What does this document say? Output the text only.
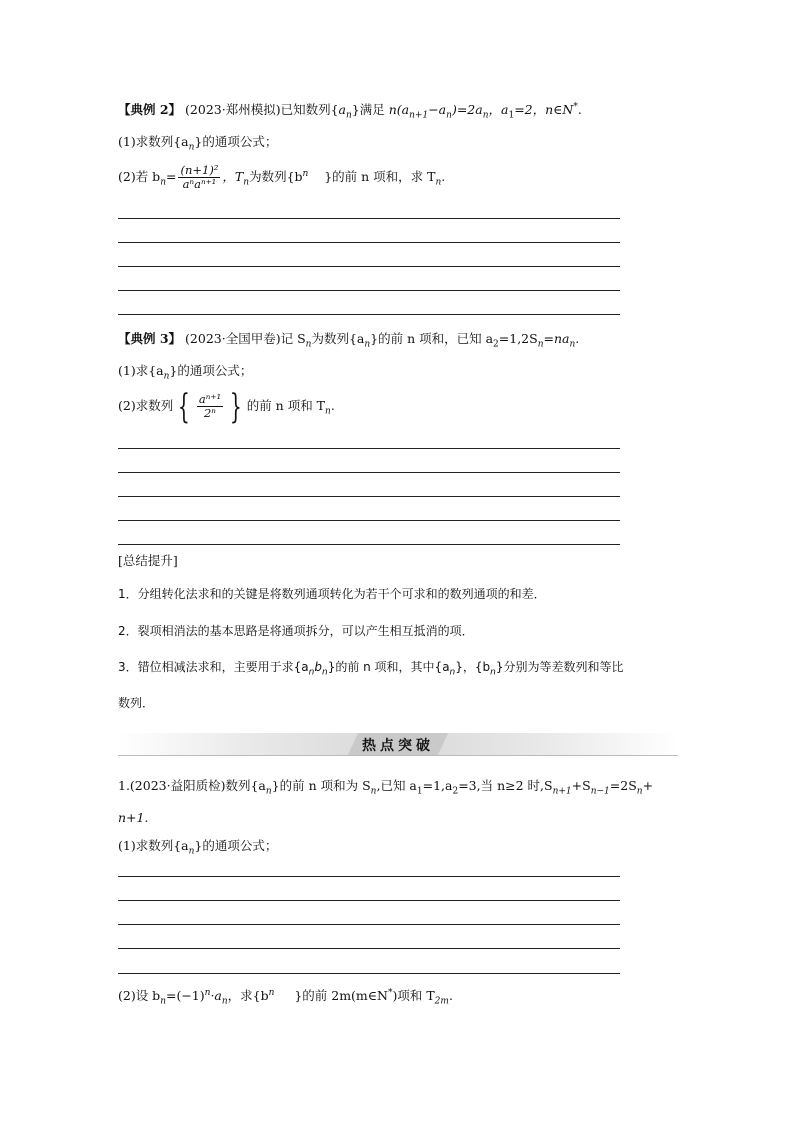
【典例 2】 (2023·郑州模拟)已知数列$\{a_n\}$满足 $n(a_{n+1}-a_n)=2a_n$，$a_1=2$，n∈N*.
(1)求数列$\{a_n\}$的通项公式；
(2)若 $b_n= \frac{\text{(n+1)²}}{\text{aⁿaⁿ⁺¹}}$ ，$T_n$为数列{$b^n$ }的前 n 项和，求 $T_n$.
【典例 3】 (2023·全国甲卷)记 $S_n$为数列$\{a_n\}$的前 n 项和，已知 $a_2=1,2S_n=na_n$.
(1)求$\{a_n\}$的通项公式；
(2)求数列 { $\frac{\text{aⁿ⁺¹}}{\text{2ⁿ}}$ } 的前 n 项和 $T_n$.
[总结提升]
1．分组转化法求和的关键是将数列通项转化为若干个可求和的数列通项的和差．
2．裂项相消法的基本思路是将通项拆分，可以产生相互抵消的项．
3．错位相减法求和，主要用于求$\{a_nb_n\}$的前 n 项和，其中$\{a_n\}$，$\{b_n\}$分别为等差数列和等比
数列．
热点突破
1.(2023·益阳质检)数列$\{a_n\}$的前 n 项和为 $S_n$,已知 $a_1=1,a_2=3$,当 n≥2 时$,S_{n+1}+S_{n-1}=2S_n+$
n+1.
(1)求数列$\{a_n\}$的通项公式；
(2)设 $b_n=(-1)^n\cdot a_n$，求{$b^n$ }的前 2m(m∈N*)项和 $T_{2m}$.
